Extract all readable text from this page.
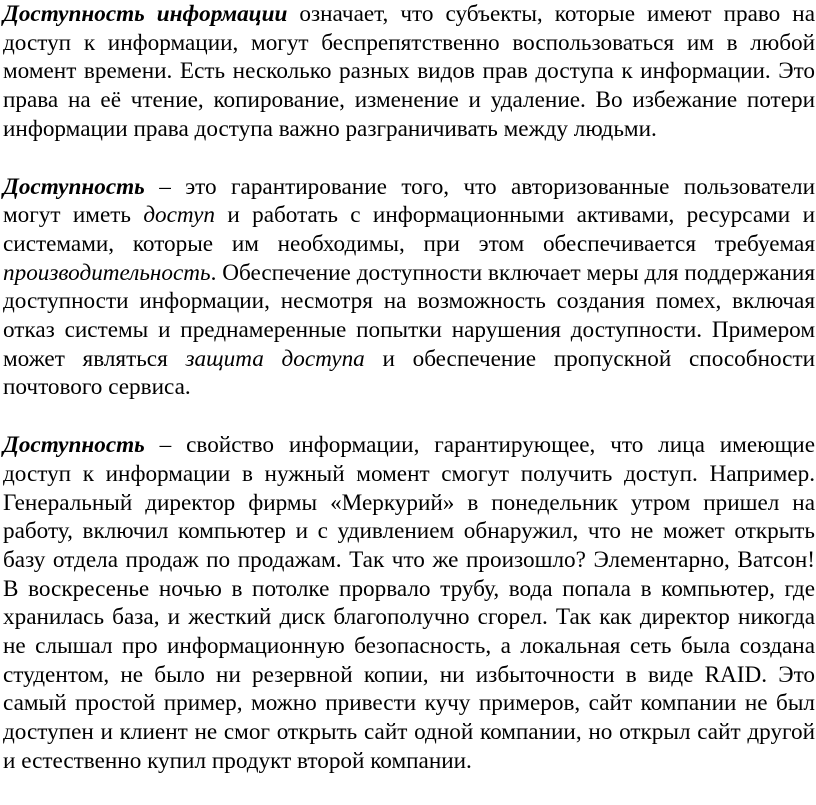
Доступность информации означает, что субъекты, которые имеют право на доступ к информации, могут беспрепятственно воспользоваться им в любой момент времени. Есть несколько разных видов прав доступа к информации. Это права на её чтение, копирование, изменение и удаление. Во избежание потери информации права доступа важно разграничивать между людьми.

Доступность – это гарантирование того, что авторизованные пользователи могут иметь доступ и работать с информационными активами, ресурсами и системами, которые им необходимы, при этом обеспечивается требуемая производительность. Обеспечение доступности включает меры для поддержания доступности информации, несмотря на возможность создания помех, включая отказ системы и преднамеренные попытки нарушения доступности. Примером может являться защита доступа и обеспечение пропускной способности почтового сервиса.

Доступность – свойство информации, гарантирующее, что лица имеющие доступ к информации в нужный момент смогут получить доступ. Например. Генеральный директор фирмы «Меркурий» в понедельник утром пришел на работу, включил компьютер и с удивлением обнаружил, что не может открыть базу отдела продаж по продажам. Так что же произошло? Элементарно, Ватсон! В воскресенье ночью в потолке прорвало трубу, вода попала в компьютер, где хранилась база, и жесткий диск благополучно сгорел. Так как директор никогда не слышал про информационную безопасность, а локальная сеть была создана студентом, не было ни резервной копии, ни избыточности в виде RAID. Это самый простой пример, можно привести кучу примеров, сайт компании не был доступен и клиент не смог открыть сайт одной компании, но открыл сайт другой и естественно купил продукт второй компании.
